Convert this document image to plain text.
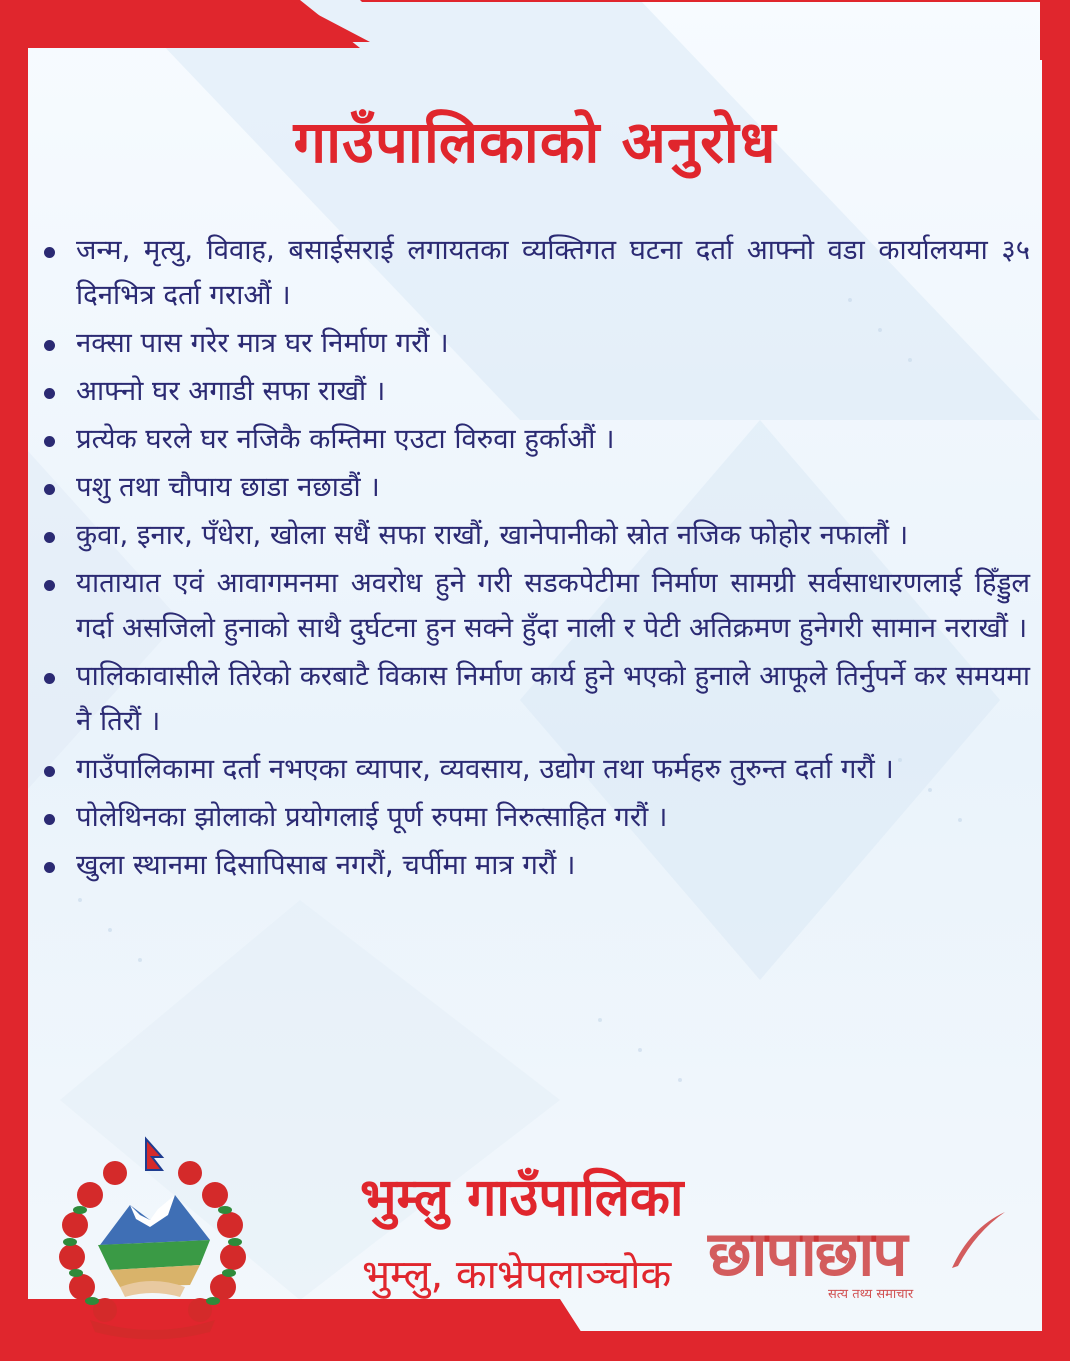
गाउँपालिकाको अनुरोध
जन्म, मृत्यु, विवाह, बसाईसराई लगायतका व्यक्तिगत घटना दर्ता आफ्नो वडा कार्यालयमा ३५ दिनभित्र दर्ता गराऔं ।
नक्सा पास गरेर मात्र घर निर्माण गरौं ।
आफ्नो घर अगाडी सफा राखौं ।
प्रत्येक घरले घर नजिकै कम्तिमा एउटा विरुवा हुर्काऔं ।
पशु तथा चौपाय छाडा नछाडौं ।
कुवा, इनार, पँधेरा, खोला सधैं सफा राखौं, खानेपानीको स्रोत नजिक फोहोर नफालौं ।
यातायात एवं आवागमनमा अवरोध हुने गरी सडकपेटीमा निर्माण सामग्री सर्वसाधारणलाई हिँड्डुल गर्दा असजिलो हुनाको साथै दुर्घटना हुन सक्ने हुँदा नाली र पेटी अतिक्रमण हुनेगरी सामान नराखौं ।
पालिकावासीले तिरेको करबाटै विकास निर्माण कार्य हुने भएको हुनाले आफूले तिर्नुपर्ने कर समयमा नै तिरौं ।
गाउँपालिकामा दर्ता नभएका व्यापार, व्यवसाय, उद्योग तथा फर्महरु तुरुन्त दर्ता गरौं ।
पोलेथिनका झोलाको प्रयोगलाई पूर्ण रुपमा निरुत्साहित गरौं ।
खुला स्थानमा दिसापिसाब नगरौं, चर्पीमा मात्र गरौं ।

भुम्लु गाउँपालिका

भुम्लु, काभ्रेपलाञ्चोक छापाछाप
सत्य तथ्य समाचार
